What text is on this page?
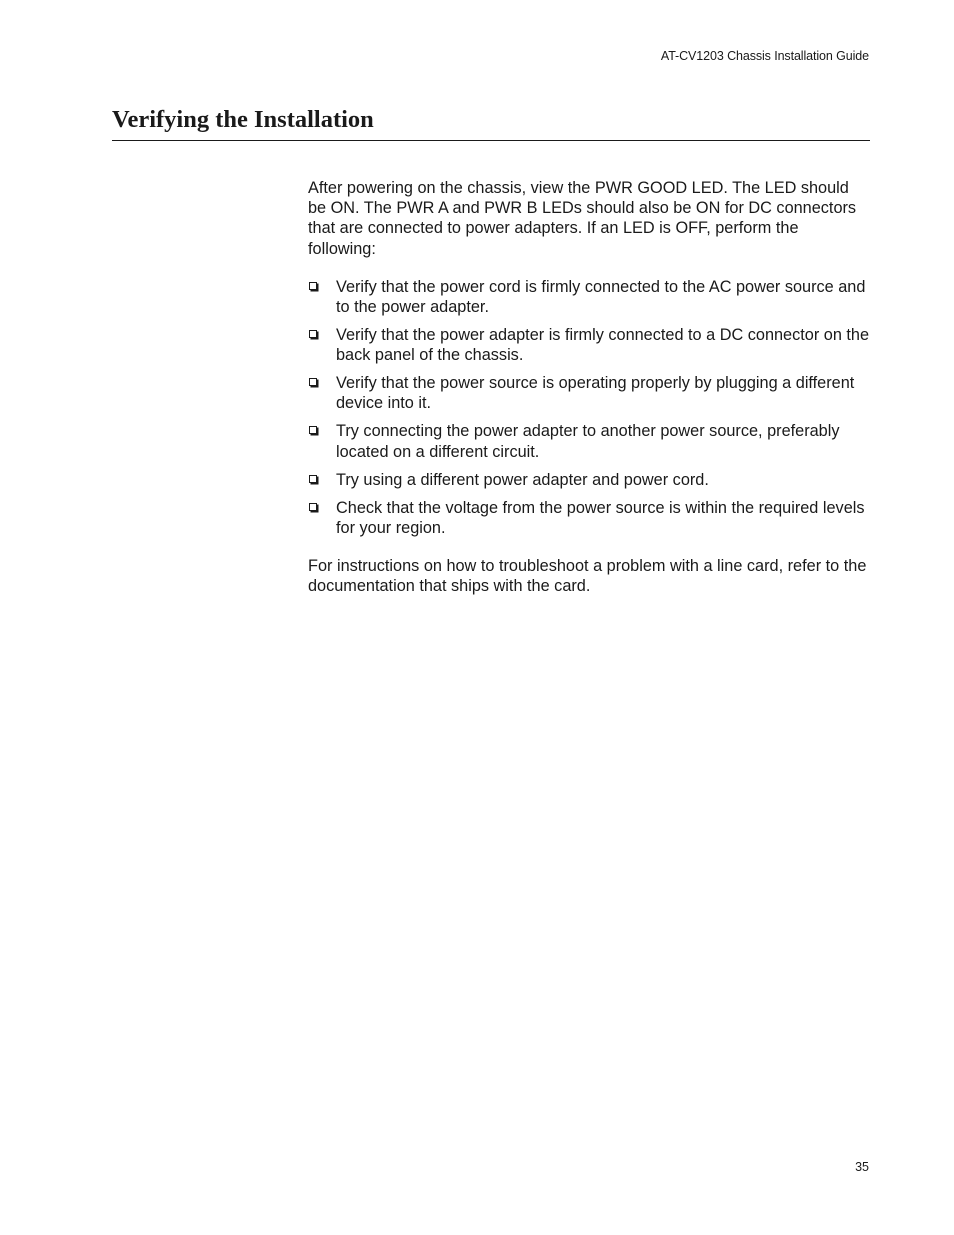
AT-CV1203 Chassis Installation Guide
Verifying the Installation

After powering on the chassis, view the PWR GOOD LED. The LED should be ON. The PWR A and PWR B LEDs should also be ON for DC connectors that are connected to power adapters. If an LED is OFF, perform the following:

Verify that the power cord is firmly connected to the AC power source and to the power adapter.
Verify that the power adapter is firmly connected to a DC connector on the back panel of the chassis.
Verify that the power source is operating properly by plugging a different device into it.
Try connecting the power adapter to another power source, preferably located on a different circuit.
Try using a different power adapter and power cord.
Check that the voltage from the power source is within the required levels for your region.

For instructions on how to troubleshoot a problem with a line card, refer to the documentation that ships with the card.

35
